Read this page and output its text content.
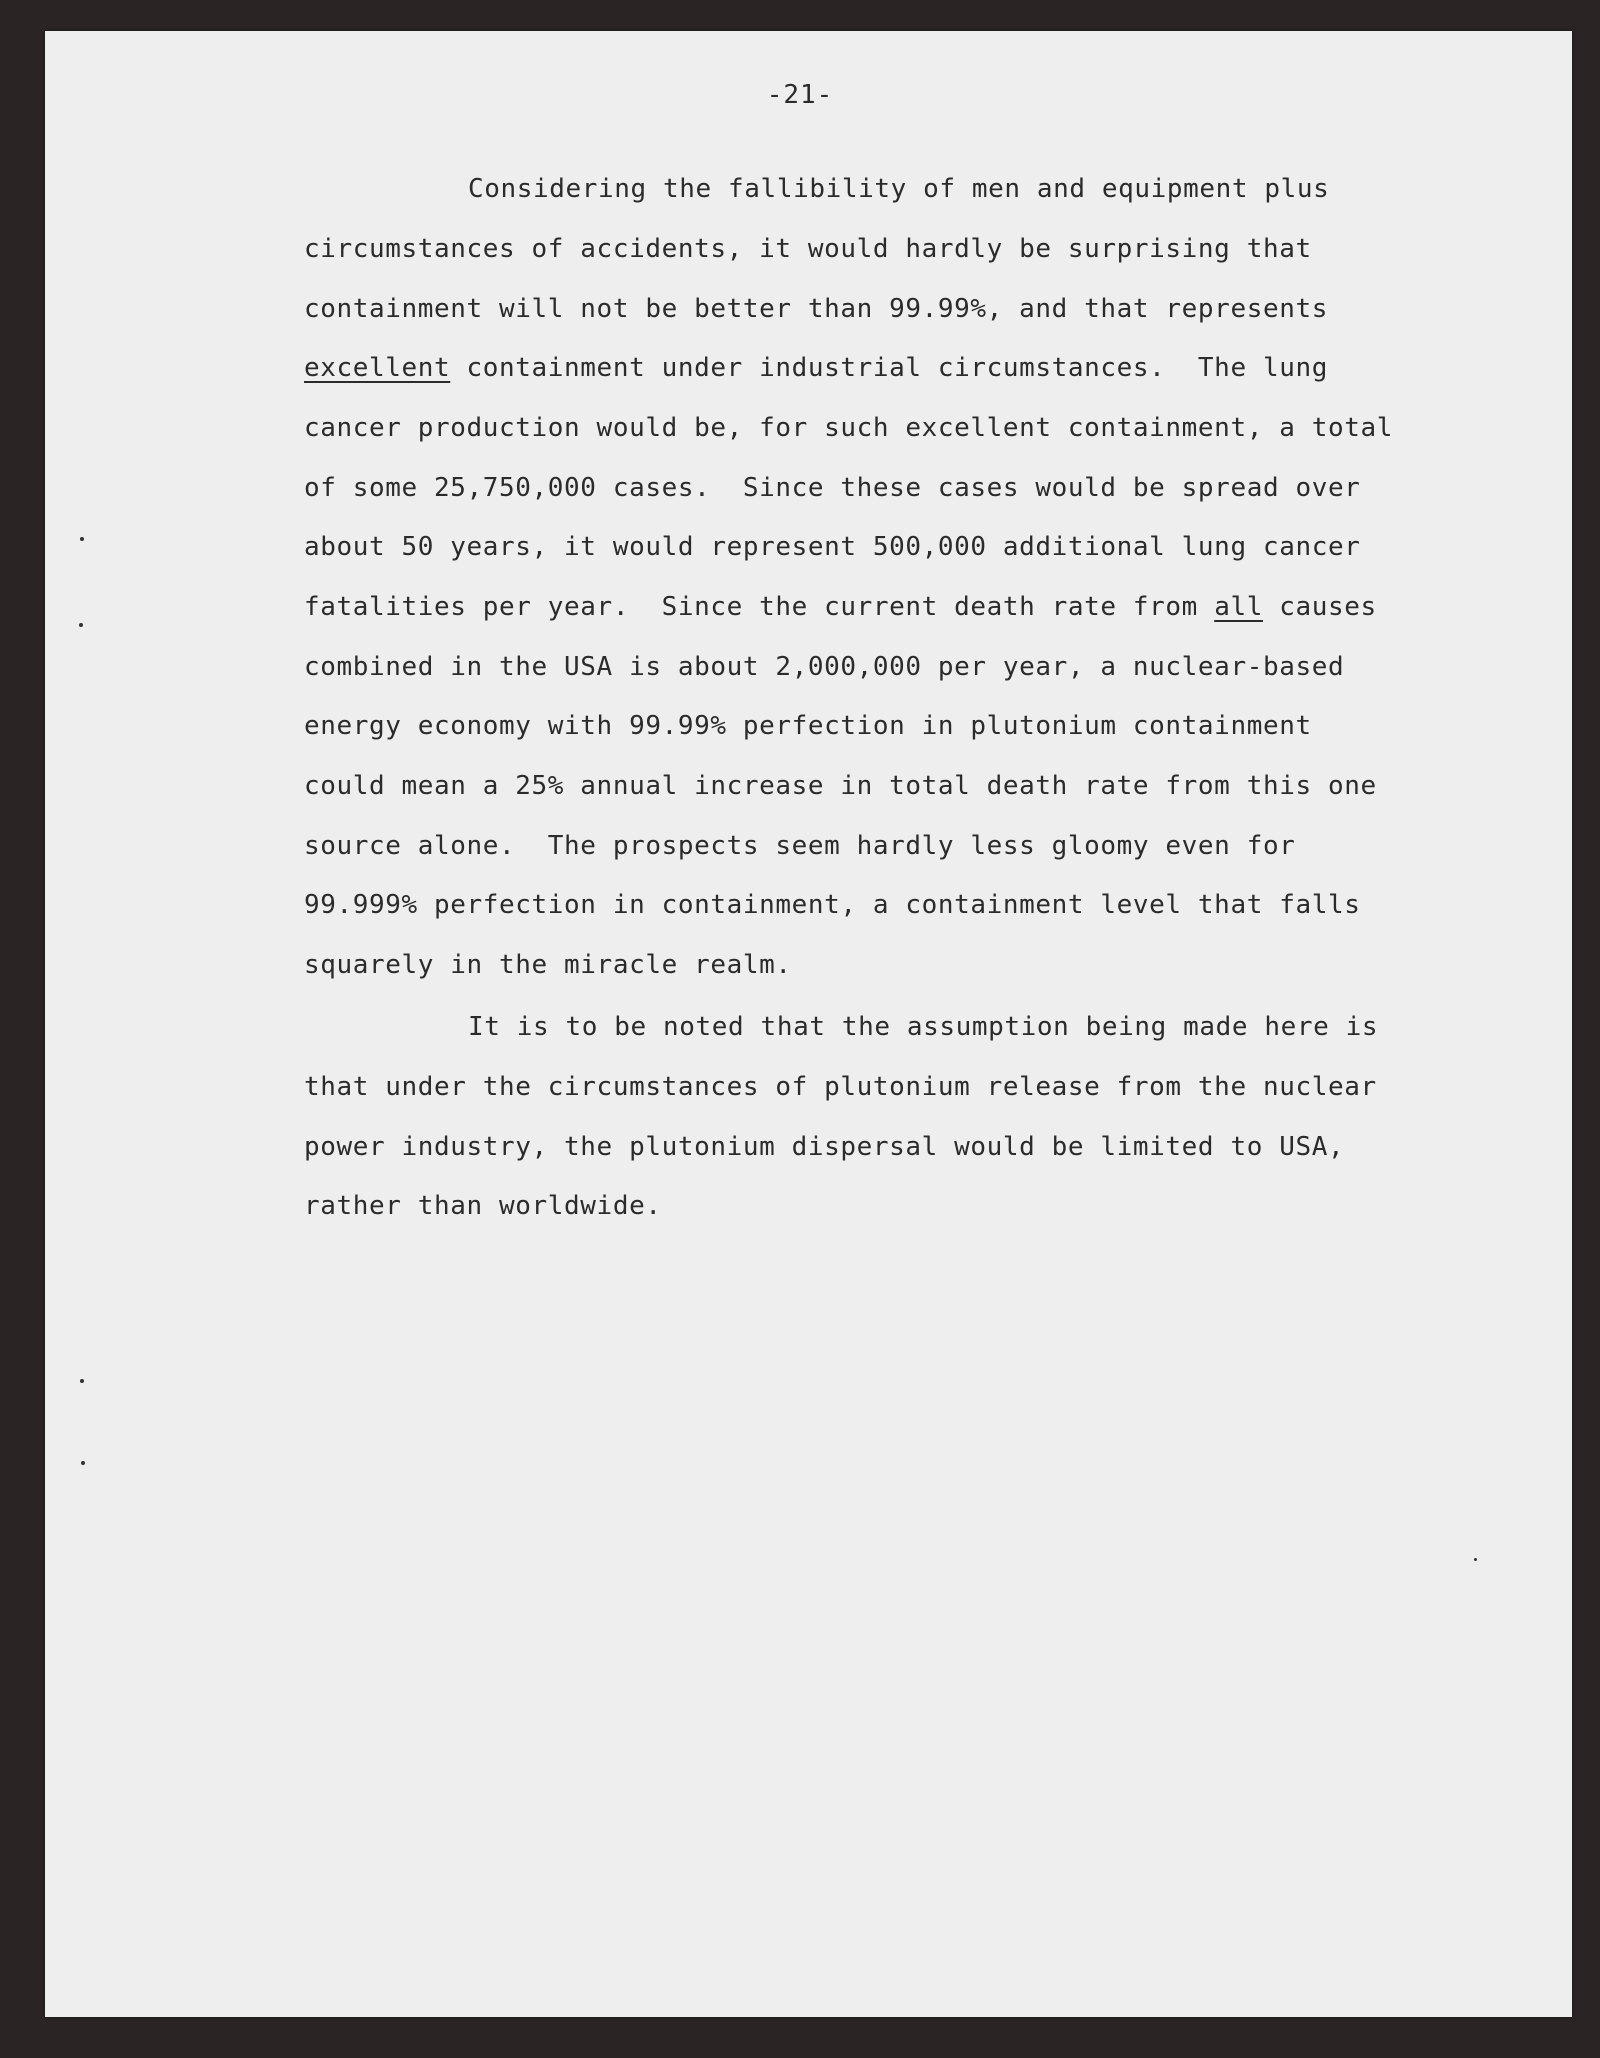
-21-
Considering the fallibility of men and equipment plus
circumstances of accidents, it would hardly be surprising that
containment will not be better than 99.99%, and that represents
excellent containment under industrial circumstances.  The lung
cancer production would be, for such excellent containment, a total
of some 25,750,000 cases.  Since these cases would be spread over
about 50 years, it would represent 500,000 additional lung cancer
fatalities per year.  Since the current death rate from all causes
combined in the USA is about 2,000,000 per year, a nuclear-based
energy economy with 99.99% perfection in plutonium containment
could mean a 25% annual increase in total death rate from this one
source alone.  The prospects seem hardly less gloomy even for
99.999% perfection in containment, a containment level that falls
squarely in the miracle realm.
It is to be noted that the assumption being made here is
that under the circumstances of plutonium release from the nuclear
power industry, the plutonium dispersal would be limited to USA,
rather than worldwide.
